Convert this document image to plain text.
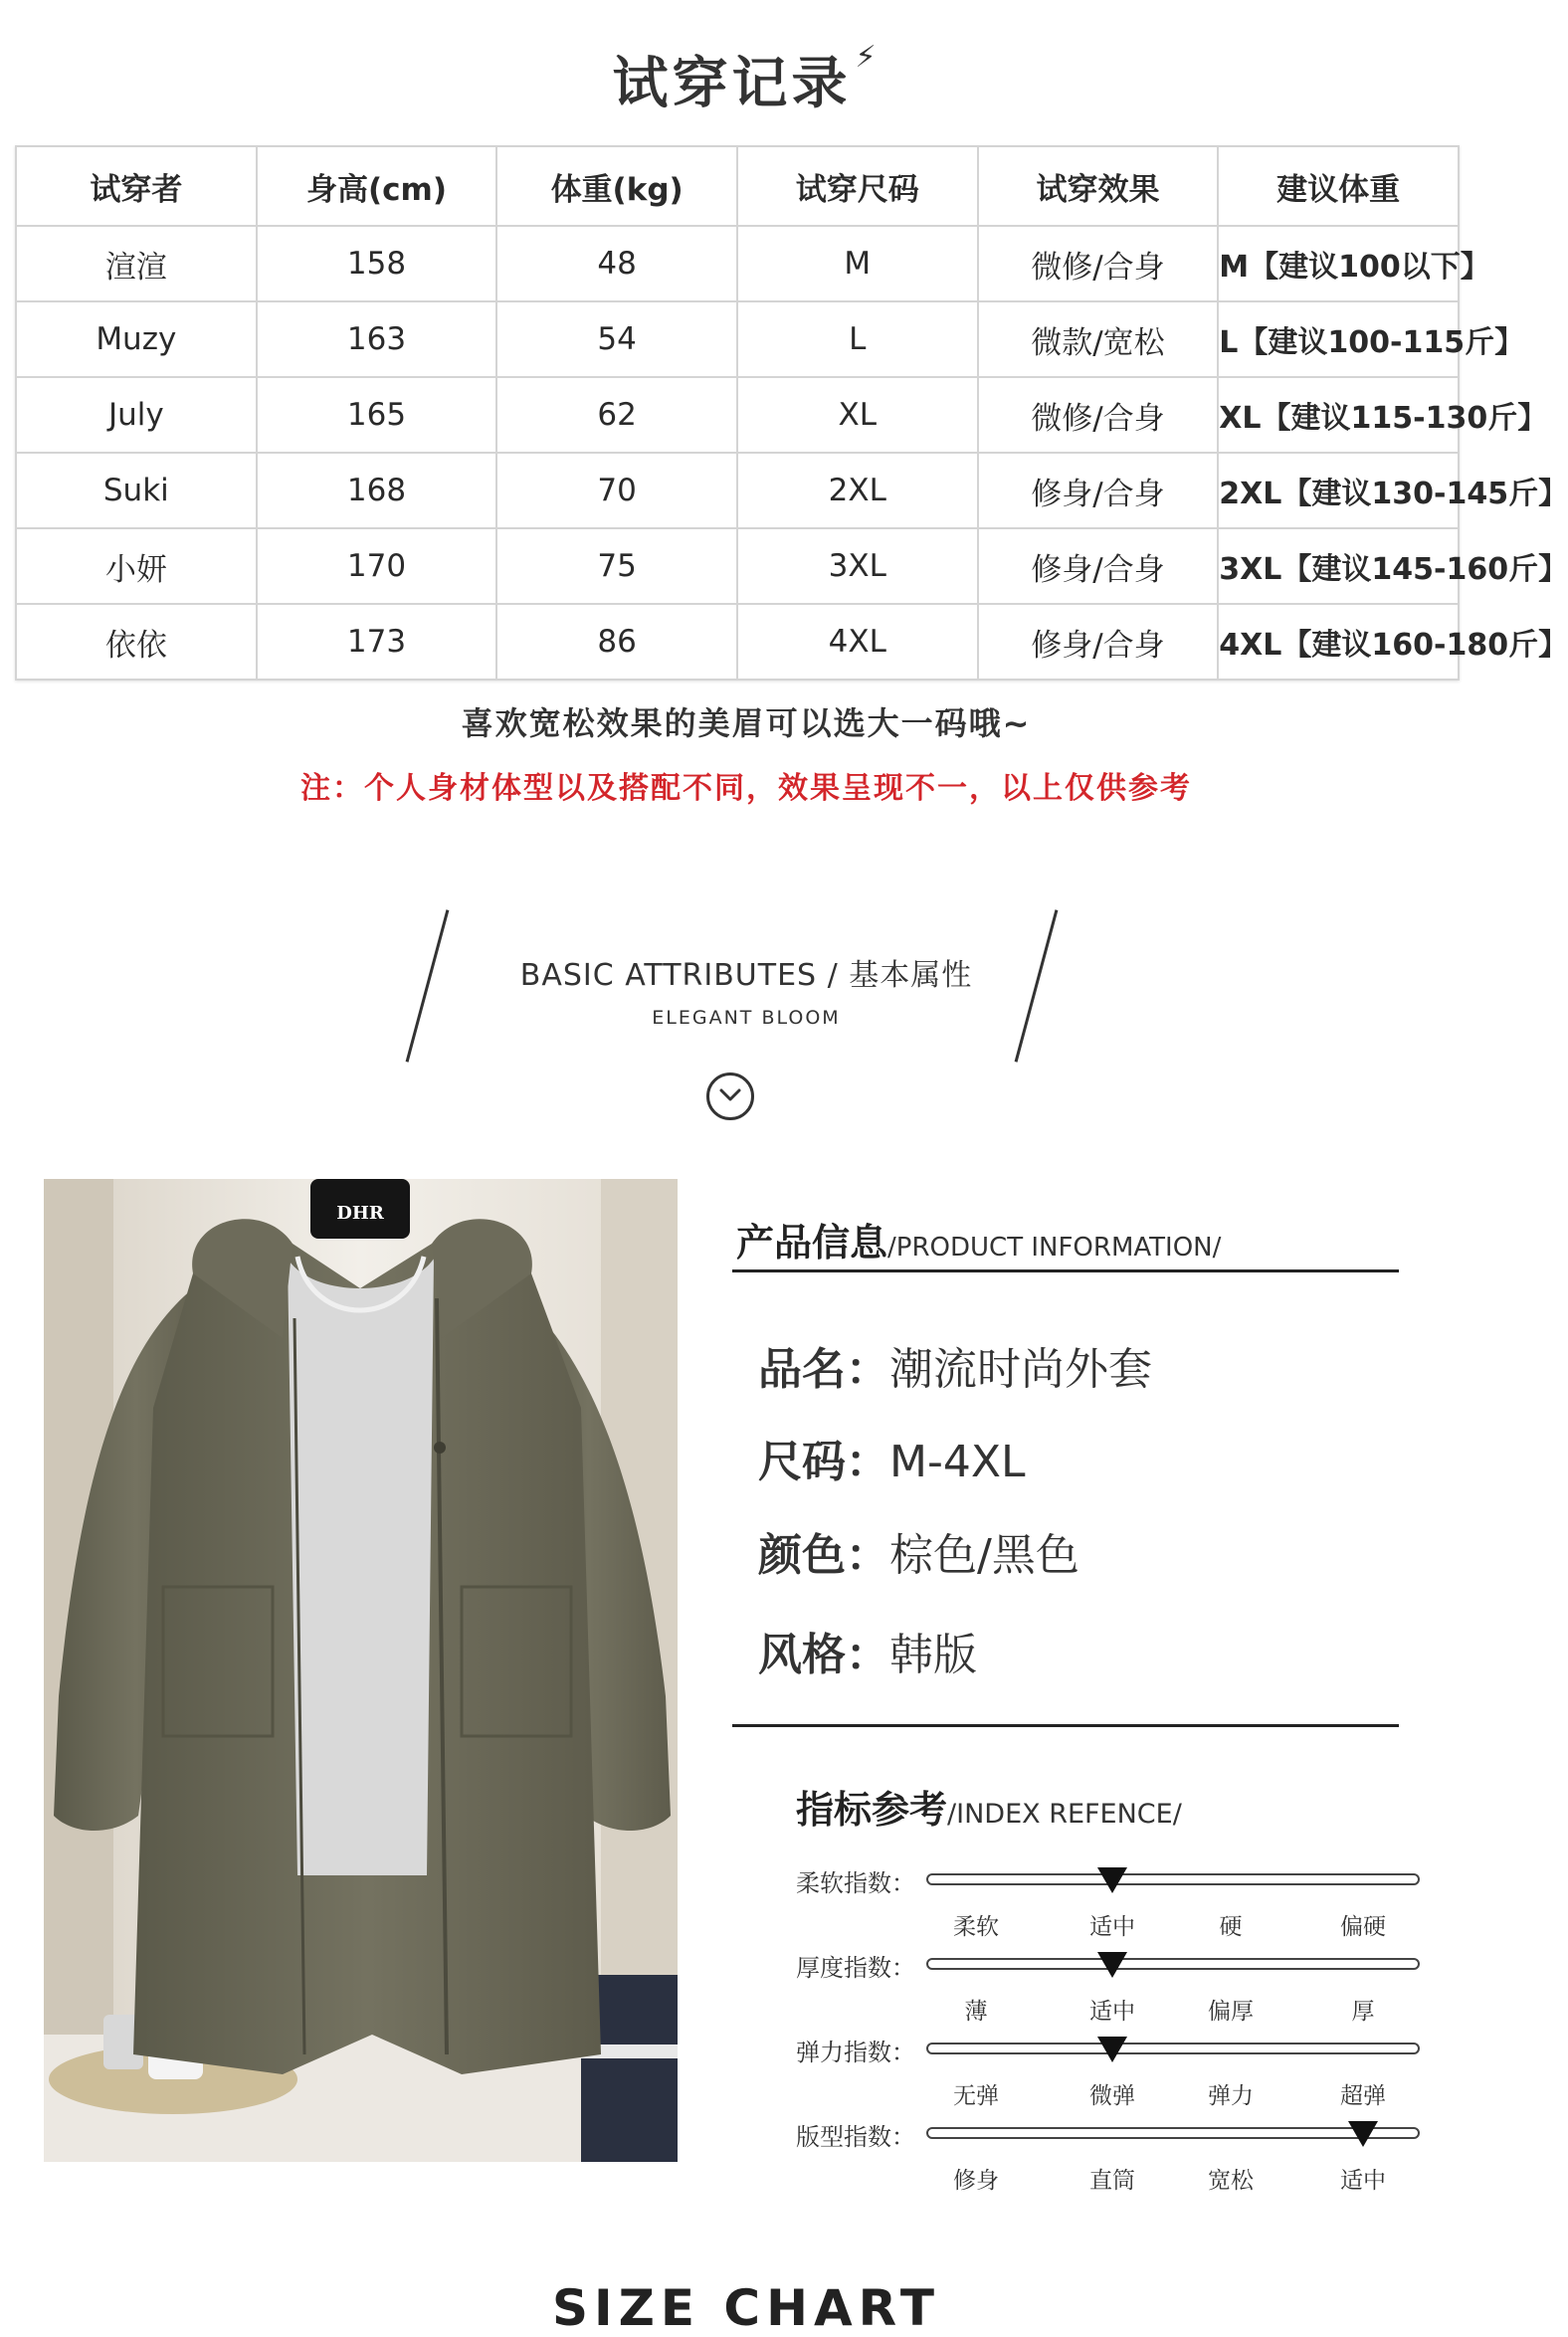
试穿记录 ⚡
试穿者	身高(cm)	体重(kg)	试穿尺码	试穿效果	建议体重
渲渲	158	48	M	微修/合身	M【建议100以下】
Muzy	163	54	L	微款/宽松	L【建议100-115斤】
July	165	62	XL	微修/合身	XL【建议115-130斤】
Suki	168	70	2XL	修身/合身	2XL【建议130-145斤】
小妍	170	75	3XL	修身/合身	3XL【建议145-160斤】
依依	173	86	4XL	修身/合身	4XL【建议160-180斤】
喜欢宽松效果的美眉可以选大一码哦~
注：个人身材体型以及搭配不同，效果呈现不一，以上仅供参考
BASIC ATTRIBUTES / 基本属性
ELEGANT BLOOM
DHR
产品信息/PRODUCT INFORMATION/
品名：潮流时尚外套
尺码：M-4XL
颜色：棕色/黑色
风格：韩版
指标参考/INDEX REFENCE/
柔软指数：
柔软	适中	硬	偏硬
厚度指数：
薄	适中	偏厚	厚
弹力指数：
无弹	微弹	弹力	超弹
版型指数：
修身	直筒	宽松	适中
SIZE CHART
